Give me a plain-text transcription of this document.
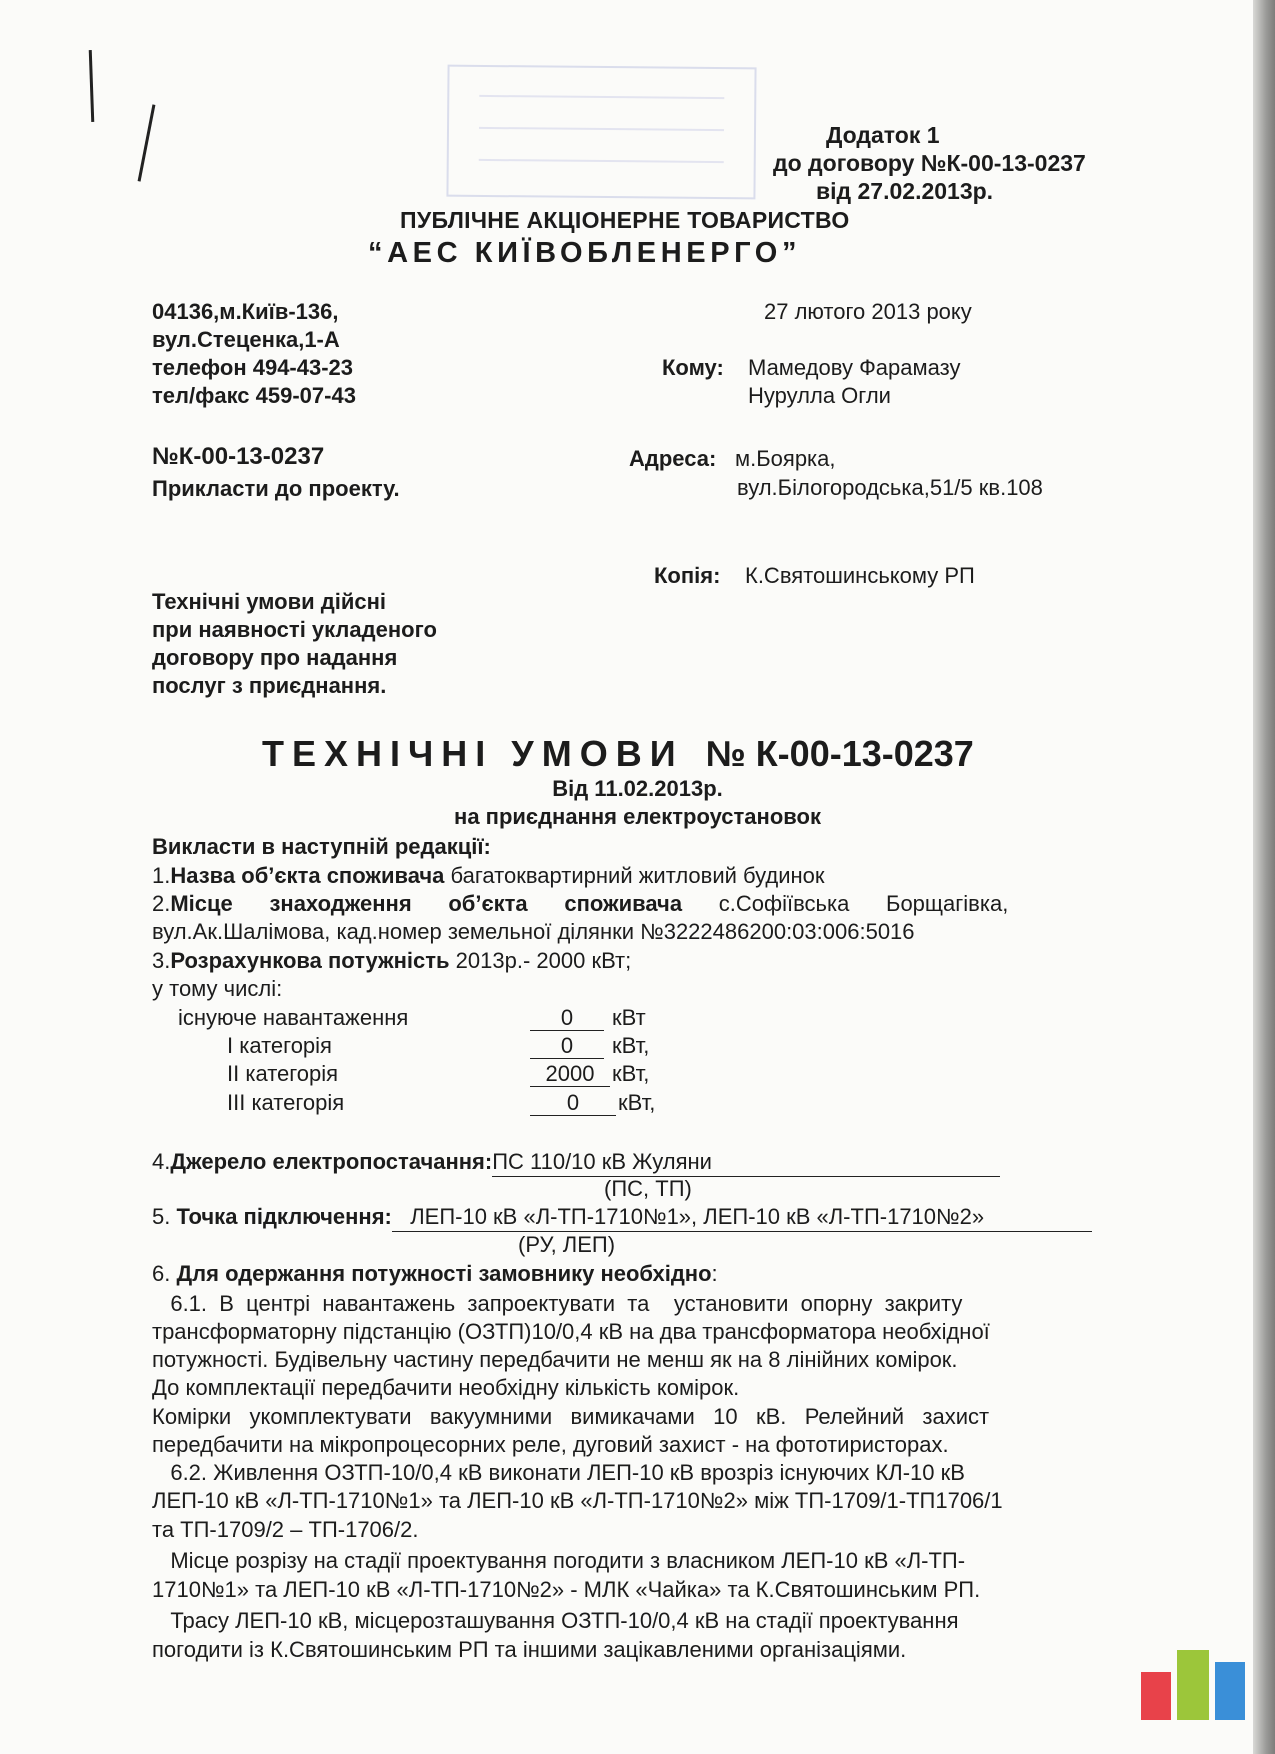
Додаток 1
до договору №К-00-13-0237
від 27.02.2013р.
ПУБЛІЧНЕ АКЦІОНЕРНЕ ТОВАРИСТВО
“АЕС КИЇВОБЛЕНЕРГО”
04136,м.Київ-136,
вул.Стеценка,1-А
телефон 494-43-23
тел/факс 459-07-43
№К-00-13-0237
Прикласти до проекту.
Технічні умови дійсні
при наявності укладеного
договору про надання
послуг з приєднання.
27 лютого 2013 року
Кому: Мамедову Фарамазу
Нурулла Огли
Адреса: м.Боярка,
вул.Білогородська,51/5 кв.108
Копія: К.Святошинському РП
ТЕХНІЧНІ УМОВИ № К-00-13-0237
Від 11.02.2013р.
на приєднання електроустановок
Викласти в наступній редакції:
1.Назва об’єкта споживача багатоквартирний житловий будинок
2.Місце      знаходження      об’єкта      споживача      с.Софіївська      Борщагівка,
вул.Ак.Шалімова, кад.номер земельної ділянки №3222486200:03:006:5016
3.Розрахункова потужність 2013р.- 2000 кВт;
у тому числі:
існуюче навантаження	0 кВт
І категорія	0 кВт,
ІІ категорія	2000 кВт,
ІІІ категорія	0 кВт,
4.Джерело електропостачання:ПС 110/10 кВ Жуляни
(ПС, ТП)
5. Точка підключення:   ЛЕП-10 кВ «Л-ТП-1710№1», ЛЕП-10 кВ «Л-ТП-1710№2»
(РУ, ЛЕП)
6. Для одержання потужності замовнику необхідно:
6.1.  В  центрі  навантажень  запроектувати  та    установити  опорну  закриту
трансформаторну підстанцію (ОЗТП)10/0,4 кВ на два трансформатора необхідної
потужності. Будівельну частину передбачити не менш як на 8 лінійних комірок.
До комплектації передбачити необхідну кількість комірок.
Комірки   укомплектувати   вакуумними   вимикачами   10   кВ.   Релейний   захист
передбачити на мікропроцесорних реле, дуговий захист - на фототиристорах.
6.2. Живлення ОЗТП-10/0,4 кВ виконати ЛЕП-10 кВ врозріз існуючих КЛ-10 кВ
ЛЕП-10 кВ «Л-ТП-1710№1» та ЛЕП-10 кВ «Л-ТП-1710№2» між ТП-1709/1-ТП1706/1
та ТП-1709/2 – ТП-1706/2.
Місце розрізу на стадії проектування погодити з власником ЛЕП-10 кВ «Л-ТП-
1710№1» та ЛЕП-10 кВ «Л-ТП-1710№2» - МЛК «Чайка» та К.Святошинським РП.
Трасу ЛЕП-10 кВ, місцерозташування ОЗТП-10/0,4 кВ на стадії проектування
погодити із К.Святошинським РП та іншими зацікавленими організаціями.
